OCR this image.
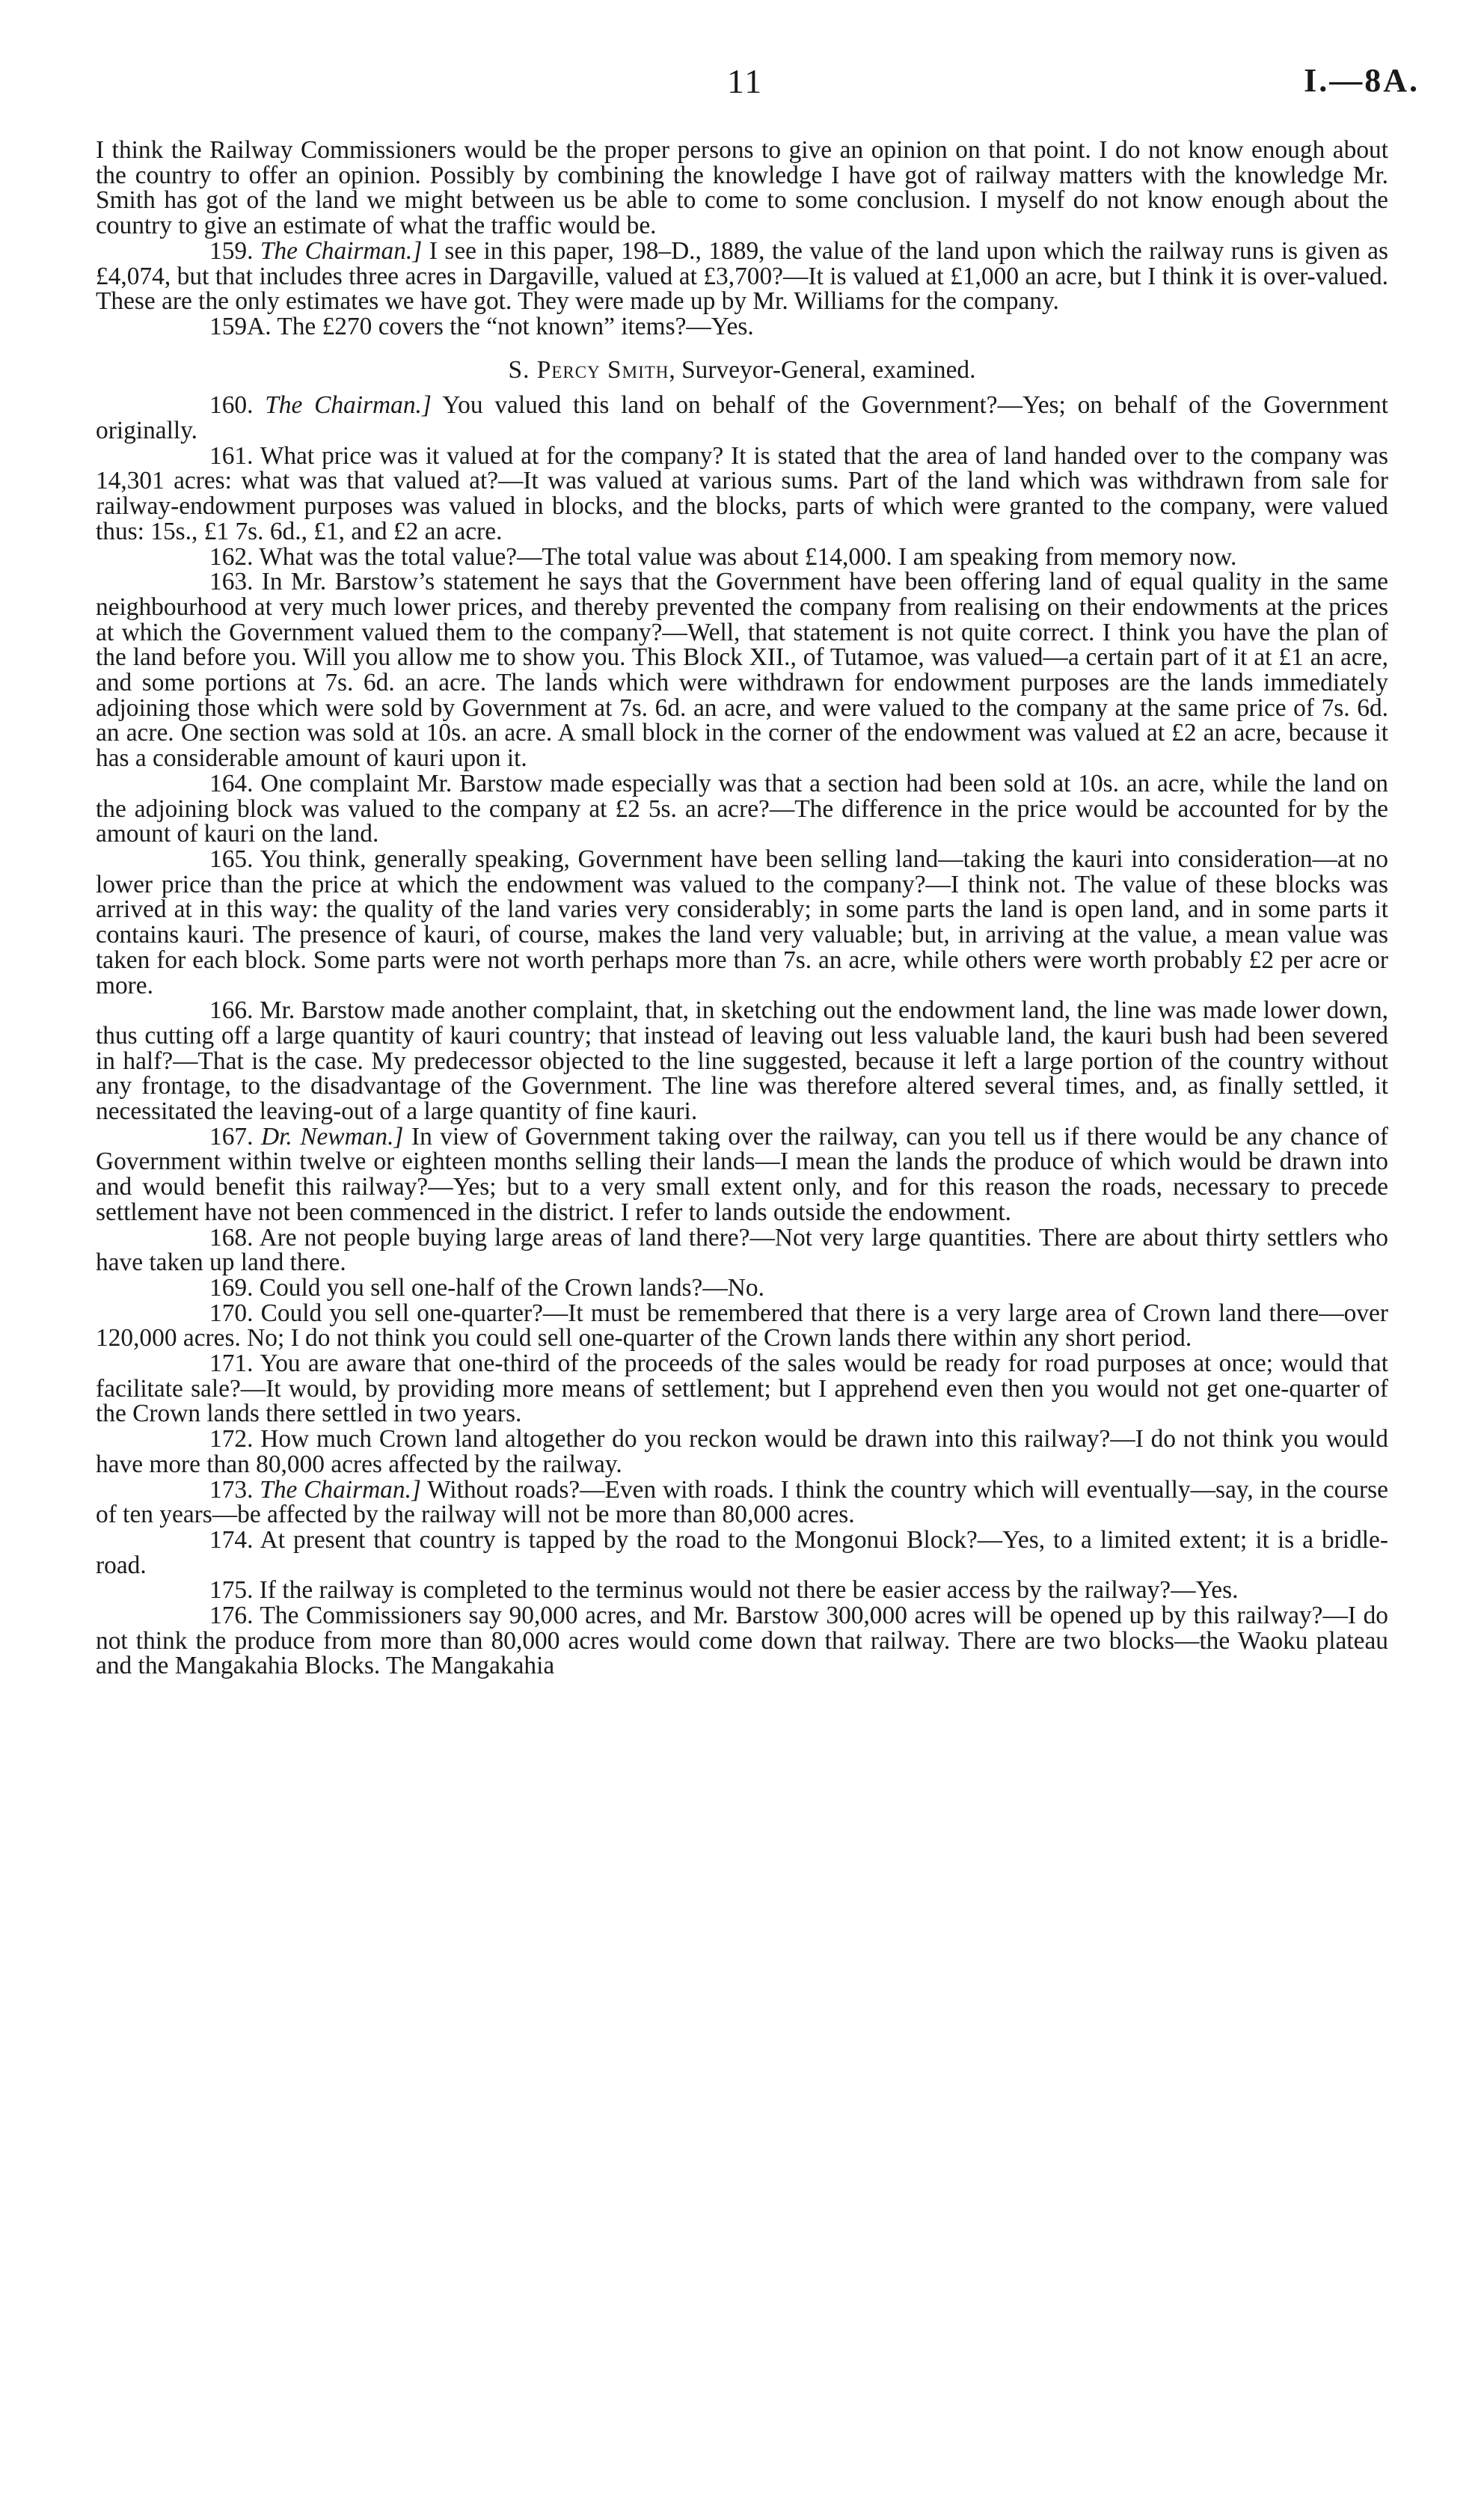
11	I.—8A.

I think the Railway Commissioners would be the proper persons to give an opinion on that point. I do not know enough about the country to offer an opinion. Possibly by combining the knowledge I have got of railway matters with the knowledge Mr. Smith has got of the land we might between us be able to come to some conclusion. I myself do not know enough about the country to give an estimate of what the traffic would be.

159. The Chairman.] I see in this paper, 198–D., 1889, the value of the land upon which the railway runs is given as £4,074, but that includes three acres in Dargaville, valued at £3,700?—It is valued at £1,000 an acre, but I think it is over-valued. These are the only estimates we have got. They were made up by Mr. Williams for the company.

159A. The £270 covers the “not known” items?—Yes.

S. Percy Smith, Surveyor-General, examined.

160. The Chairman.] You valued this land on behalf of the Government?—Yes; on behalf of the Government originally.

161. What price was it valued at for the company? It is stated that the area of land handed over to the company was 14,301 acres: what was that valued at?—It was valued at various sums. Part of the land which was withdrawn from sale for railway-endowment purposes was valued in blocks, and the blocks, parts of which were granted to the company, were valued thus: 15s., £1 7s. 6d., £1, and £2 an acre.

162. What was the total value?—The total value was about £14,000. I am speaking from memory now.

163. In Mr. Barstow’s statement he says that the Government have been offering land of equal quality in the same neighbourhood at very much lower prices, and thereby prevented the company from realising on their endowments at the prices at which the Government valued them to the company?—Well, that statement is not quite correct. I think you have the plan of the land before you. Will you allow me to show you. This Block XII., of Tutamoe, was valued—a certain part of it at £1 an acre, and some portions at 7s. 6d. an acre. The lands which were withdrawn for endowment purposes are the lands immediately adjoining those which were sold by Government at 7s. 6d. an acre, and were valued to the company at the same price of 7s. 6d. an acre. One section was sold at 10s. an acre. A small block in the corner of the endowment was valued at £2 an acre, because it has a considerable amount of kauri upon it.

164. One complaint Mr. Barstow made especially was that a section had been sold at 10s. an acre, while the land on the adjoining block was valued to the company at £2 5s. an acre?—The difference in the price would be accounted for by the amount of kauri on the land.

165. You think, generally speaking, Government have been selling land—taking the kauri into consideration—at no lower price than the price at which the endowment was valued to the company?—I think not. The value of these blocks was arrived at in this way: the quality of the land varies very considerably; in some parts the land is open land, and in some parts it contains kauri. The presence of kauri, of course, makes the land very valuable; but, in arriving at the value, a mean value was taken for each block. Some parts were not worth perhaps more than 7s. an acre, while others were worth probably £2 per acre or more.

166. Mr. Barstow made another complaint, that, in sketching out the endowment land, the line was made lower down, thus cutting off a large quantity of kauri country; that instead of leaving out less valuable land, the kauri bush had been severed in half?—That is the case. My predecessor objected to the line suggested, because it left a large portion of the country without any frontage, to the disadvantage of the Government. The line was therefore altered several times, and, as finally settled, it necessitated the leaving-out of a large quantity of fine kauri.

167. Dr. Newman.] In view of Government taking over the railway, can you tell us if there would be any chance of Government within twelve or eighteen months selling their lands—I mean the lands the produce of which would be drawn into and would benefit this railway?—Yes; but to a very small extent only, and for this reason the roads, necessary to precede settlement have not been commenced in the district. I refer to lands outside the endowment.

168. Are not people buying large areas of land there?—Not very large quantities. There are about thirty settlers who have taken up land there.

169. Could you sell one-half of the Crown lands?—No.

170. Could you sell one-quarter?—It must be remembered that there is a very large area of Crown land there—over 120,000 acres. No; I do not think you could sell one-quarter of the Crown lands there within any short period.

171. You are aware that one-third of the proceeds of the sales would be ready for road purposes at once; would that facilitate sale?—It would, by providing more means of settlement; but I apprehend even then you would not get one-quarter of the Crown lands there settled in two years.

172. How much Crown land altogether do you reckon would be drawn into this railway?—I do not think you would have more than 80,000 acres affected by the railway.

173. The Chairman.] Without roads?—Even with roads. I think the country which will eventually—say, in the course of ten years—be affected by the railway will not be more than 80,000 acres.

174. At present that country is tapped by the road to the Mongonui Block?—Yes, to a limited extent; it is a bridle-road.

175. If the railway is completed to the terminus would not there be easier access by the railway?—Yes.

176. The Commissioners say 90,000 acres, and Mr. Barstow 300,000 acres will be opened up by this railway?—I do not think the produce from more than 80,000 acres would come down that railway. There are two blocks—the Waoku plateau and the Mangakahia Blocks. The Mangakahia
